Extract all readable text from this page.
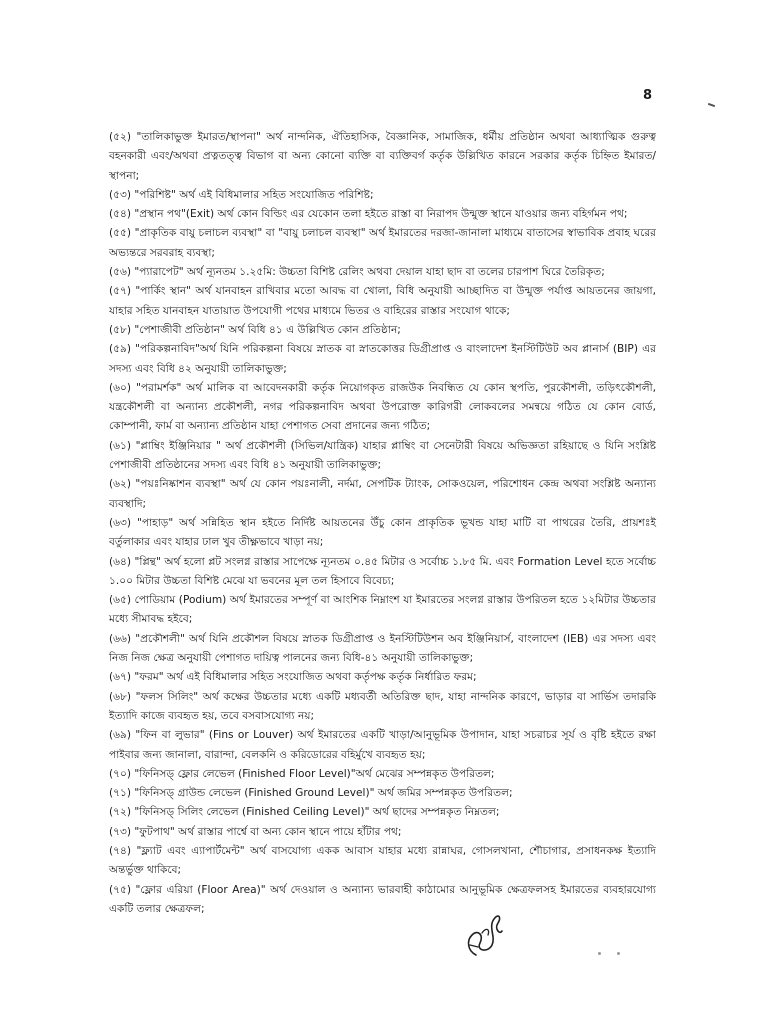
8

(৫২) "তালিকাভুক্ত ইমারত/স্থাপনা" অর্থ নান্দনিক, ঐতিহাসিক, বৈজ্ঞানিক, সামাজিক, ধর্মীয় প্রতিষ্ঠান অথবা আধ্যাত্মিক গুরুত্ব বহনকারী এবং/অথবা প্রত্নতত্ত্ব বিভাগ বা অন্য কোনো ব্যক্তি বা ব্যক্তিবর্গ কর্তৃক উল্লিখিত কারনে সরকার কর্তৃক চিহ্নিত ইমারত/স্থাপনা;

(৫৩) "পরিশিষ্ট" অর্থ এই বিধিমালার সহিত সংযোজিত পরিশিষ্ট;

(৫৪) "প্রস্থান পথ"(Exit) অর্থ কোন বিল্ডিং এর যেকোন তলা হইতে রাস্তা বা নিরাপদ উন্মুক্ত স্থানে যাওয়ার জন্য বহির্গমন পথ;

(৫৫) "প্রাকৃতিক বায়ু চলাচল ব্যবস্থা" বা "বায়ু চলাচল ব্যবস্থা" অর্থ ইমারতের দরজা-জানালা মাধ্যমে বাতাসের স্বাভাবিক প্রবাহ ঘরের অভ্যন্তরে সরবরাহ ব্যবস্থা;

(৫৬) "প্যারাপেট" অর্থ ন্যূনতম ১.২৫মি: উচ্চতা বিশিষ্ট রেলিং অথবা দেয়াল যাহা ছাদ বা তলের চারপাশ ঘিরে তৈরিকৃত;

(৫৭) "পার্কিং স্থান" অর্থ যানবাহন রাখিবার মতো আবদ্ধ বা খোলা, বিধি অনুযায়ী আচ্ছাদিত বা উন্মুক্ত পর্যাপ্ত আয়তনের জায়গা, যাহার সহিত যানবাহন যাতায়াত উপযোগী পথের মাধ্যমে ভিতর ও বাহিরের রাস্তার সংযোগ থাকে;

(৫৮) "পেশাজীবী প্রতিষ্ঠান" অর্থ বিধি ৪১ এ উল্লিখিত কোন প্রতিষ্ঠান;

(৫৯) "পরিকল্পনাবিদ"অর্থ যিনি পরিকল্পনা বিষয়ে স্নাতক বা স্নাতকোত্তর ডিগ্রীপ্রাপ্ত ও বাংলাদেশ ইনস্টিটিউট অব প্লানার্স (BIP) এর সদস্য এবং বিধি ৪২ অনুযায়ী তালিকাভুক্ত;

(৬০) "পরামর্শক" অর্থ মালিক বা আবেদনকারী কর্তৃক নিয়োগকৃত রাজউক নিবন্ধিত যে কোন স্থপতি, পুরকৌশলী, তড়িৎকৌশলী, যন্ত্রকৌশলী বা অন্যান্য প্রকৌশলী, নগর পরিকল্পনাবিদ অথবা উপরোক্ত কারিগরী লোকবলের সমন্বয়ে গঠিত যে কোন বোর্ড, কোম্পানী, ফার্ম বা অন্যান্য প্রতিষ্ঠান যাহা পেশাগত সেবা প্রদানের জন্য গঠিত;

(৬১) "প্লাম্বিং ইঞ্জিনিয়ার " অর্থ প্রকৌশলী (সিভিল/যান্ত্রিক) যাহার প্লাম্বিং বা সেনেটারী বিষয়ে অভিজ্ঞতা রহিয়াছে ও যিনি সংশ্লিষ্ট পেশাজীবী প্রতিষ্ঠানের সদস্য এবং বিধি ৪১ অনুযায়ী তালিকাভুক্ত;

(৬২) "পয়ঃনিষ্কাশন ব্যবস্থা" অর্থ যে কোন পয়ঃনালী, নর্দমা, সেপটিক ট্যাংক, সোকওয়েল, পরিশোধন কেন্দ্র অথবা সংশ্লিষ্ট অন্যান্য ব্যবস্থাদি;

(৬৩) "পাহাড়" অর্থ সন্নিহিত স্থান হইতে নির্দিষ্ট আয়তনের উঁচু কোন প্রাকৃতিক ভূখন্ড যাহা মাটি বা পাথরের তৈরি, প্রায়শঃই বর্তুলাকার এবং যাহার ঢাল খুব তীক্ষ্ণভাবে খাড়া নয়;

(৬৪) "প্লিন্থ" অর্থ হলো প্লট সংলগ্ন রাস্তার সাপেক্ষে ন্যূনতম ০.৪৫ মিটার ও সর্বোচ্চ ১.৮৫ মি. এবং Formation Level হতে সর্বোচ্চ ১.০০ মিটার উচ্চতা বিশিষ্ট মেঝে যা ভবনের মূল তল হিসাবে বিবেচ্য;

(৬৫) পোডিয়াম (Podium) অর্থ ইমারতের সম্পূর্ণ বা আংশিক নিম্নাংশ যা ইমারতের সংলগ্ন রাস্তার উপরিতল হতে ১২মিটার উচ্চতার মধ্যে সীমাবদ্ধ হইবে;

(৬৬) "প্রকৌশলী" অর্থ যিনি প্রকৌশল বিষয়ে স্নাতক ডিগ্রীপ্রাপ্ত ও ইনস্টিটিউশন অব ইঞ্জিনিয়ার্স, বাংলাদেশ (IEB) এর সদস্য এবং নিজ নিজ ক্ষেত্র অনুযায়ী পেশাগত দায়িত্ব পালনের জন্য বিধি-৪১ অনুযায়ী তালিকাভুক্ত;

(৬৭) "ফরম" অর্থ এই বিধিমালার সহিত সংযোজিত অথবা কর্তৃপক্ষ কর্তৃক নির্ধারিত ফরম;

(৬৮) "ফলস সিলিং" অর্থ কক্ষের উচ্চতার মধ্যে একটি মধ্যবর্তী অতিরিক্ত ছাদ, যাহা নান্দনিক কারণে, ভাড়ার বা সার্ভিস তদারকি ইত্যাদি কাজে ব্যবহৃত হয়, তবে বসবাসযোগ্য নয়;

(৬৯) "ফিন বা লুভার" (Fins or Louver) অর্থ ইমারতের একটি খাড়া/আনুভূমিক উপাদান, যাহা সচরাচর সূর্য ও বৃষ্টি হইতে রক্ষা পাইবার জন্য জানালা, বারান্দা, বেলকনি ও করিডোরের বহির্মুখে ব্যবহৃত হয়;

(৭০) "ফিনিসড্ ফ্লোর লেভেল (Finished Floor Level)"অর্থ মেঝের সম্পন্নকৃত উপরিতল;

(৭১) "ফিনিসড্ গ্রাউন্ড লেভেল (Finished Ground Level)" অর্থ জমির সম্পন্নকৃত উপরিতল;

(৭২) "ফিনিসড্ সিলিং লেভেল (Finished Ceiling Level)" অর্থ ছাদের সম্পন্নকৃত নিম্নতল;

(৭৩) "ফুটপাথ" অর্থ রাস্তার পার্শ্বে বা অন্য কোন স্থানে পায়ে হাঁটার পথ;

(৭৪) "ফ্ল্যাট এবং এ্যাপার্টমেন্ট" অর্থ বাসযোগ্য একক আবাস যাহার মধ্যে রান্নাঘর, গোসলখানা, শৌচাগার, প্রসাধনকক্ষ ইত্যাদি অন্তর্ভুক্ত থাকিবে;

(৭৫) "ফ্লোর এরিয়া (Floor Area)" অর্থ দেওয়াল ও অন্যান্য ভারবাহী কাঠামোর আনুভূমিক ক্ষেত্রফলসহ ইমারতের ব্যবহারযোগ্য একটি তলার ক্ষেত্রফল;
